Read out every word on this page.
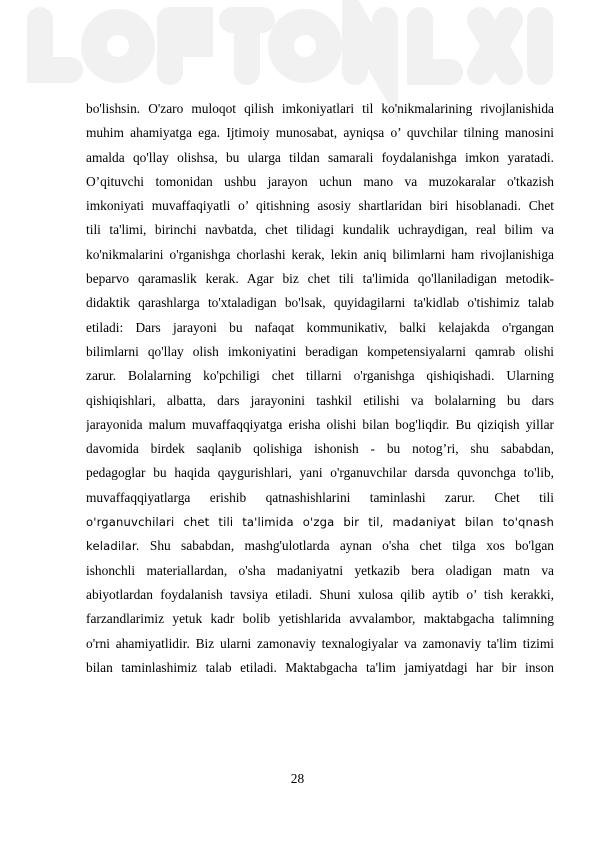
bo'lishsin. O'zaro muloqot qilish imkoniyatlari til ko'nikmalarining rivojlanishida
muhim ahamiyatga ega. Ijtimoiy munosabat, ayniqsa o’ quvchilar tilning manosini
amalda qo'llay olishsa, bu ularga tildan samarali foydalanishga imkon yaratadi.
O’qituvchi tomonidan ushbu jarayon uchun mano va muzokaralar o'tkazish
imkoniyati muvaffaqiyatli o’ qitishning asosiy shartlaridan biri hisoblanadi. Chet
tili ta'limi, birinchi navbatda, chet tilidagi kundalik uchraydigan, real bilim va
ko'nikmalarini o'rganishga chorlashi kerak, lekin aniq bilimlarni ham rivojlanishiga
beparvo qaramaslik kerak. Agar biz chet tili ta'limida qo'llaniladigan metodik-
didaktik qarashlarga to'xtaladigan bo'lsak, quyidagilarni ta'kidlab o'tishimiz talab
etiladi: Dars jarayoni bu nafaqat kommunikativ, balki kelajakda o'rgangan
bilimlarni qo'llay olish imkoniyatini beradigan kompetensiyalarni qamrab olishi
zarur. Bolalarning ko'pchiligi chet tillarni o'rganishga qishiqishadi. Ularning
qishiqishlari, albatta, dars jarayonini tashkil etilishi va bolalarning bu dars
jarayonida malum muvaffaqqiyatga erisha olishi bilan bog'liqdir. Bu qiziqish yillar
davomida birdek saqlanib qolishiga ishonish - bu notog’ri, shu sababdan,
pedagoglar bu haqida qaygurishlari, yani o'rganuvchilar darsda quvonchga to'lib,
muvaffaqqiyatlarga erishib qatnashishlarini taminlashi zarur. Chet tili
o'rganuvchilari chet tili ta'limida o'zga bir til, madaniyat bilan to'qnash
keladilar. Shu sababdan, mashg'ulotlarda aynan o'sha chet tilga xos bo'lgan
ishonchli materiallardan, o'sha madaniyatni yetkazib bera oladigan matn va
abiyotlardan foydalanish tavsiya etiladi. Shuni xulosa qilib aytib o’ tish kerakki,
farzandlarimiz yetuk kadr bolib yetishlarida avvalambor, maktabgacha talimning
o'rni ahamiyatlidir. Biz ularni zamonaviy texnalogiyalar va zamonaviy ta'lim tizimi
bilan taminlashimiz talab etiladi. Maktabgacha ta'lim jamiyatdagi har bir inson
28
